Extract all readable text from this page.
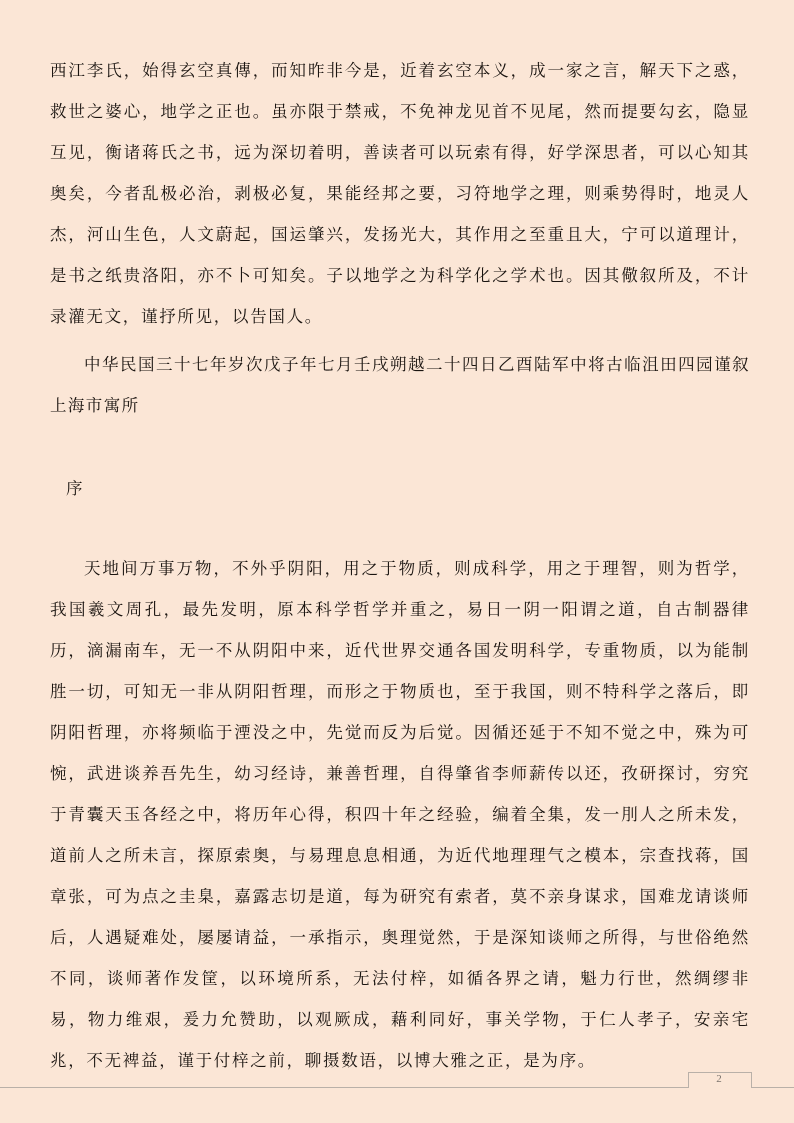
西江李氏，始得玄空真傳，而知昨非今是，近着玄空本义，成一家之言，解天下之惑，救世之婆心，地学之正也。虽亦限于禁戒，不免神龙见首不见尾，然而提要勾玄，隐显互见，衡诸蒋氏之书，远为深切着明，善读者可以玩索有得，好学深思者，可以心知其奥矣，今者乱极必治，剥极必复，果能经邦之要，习符地学之理，则乘势得时，地灵人杰，河山生色，人文蔚起，国运肇兴，发扬光大，其作用之至重且大，宁可以道理计，是书之纸贵洛阳，亦不卜可知矣。子以地学之为科学化之学术也。因其儆叙所及，不计录灌无文，谨抒所见，以告国人。

中华民国三十七年岁次戊子年七月壬戌朔越二十四日乙酉陆军中将古临沮田四园谨叙上海市寓所

序

天地间万事万物，不外乎阴阳，用之于物质，则成科学，用之于理智，则为哲学，我国羲文周孔，最先发明，原本科学哲学并重之，易日一阴一阳谓之道，自古制器律历，滴漏南车，无一不从阴阳中来，近代世界交通各国发明科学，专重物质，以为能制胜一切，可知无一非从阴阳哲理，而形之于物质也，至于我国，则不特科学之落后，即阴阳哲理，亦将频临于湮没之中，先觉而反为后觉。因循还延于不知不觉之中，殊为可惋，武进谈养吾先生，幼习经诗，兼善哲理，自得肇省李师薪传以还，孜研探讨，穷究于青囊天玉各经之中，将历年心得，积四十年之经验，编着全集，发一刖人之所未发，道前人之所未言，探原索奥，与易理息息相通，为近代地理理气之模本，宗查找蒋，国章张，可为点之圭臬，嘉露志切是道，每为研究有索者，莫不亲身谋求，国难龙请谈师后，人遇疑难处，屡屡请益，一承指示，奥理觉然，于是深知谈师之所得，与世俗绝然不同，谈师著作发筐，以环境所系，无法付梓，如循各界之请，魁力行世，然绸缪非易，物力维艰，爰力允赞助，以观厥成，藉利同好，事关学物，于仁人孝子，安亲宅兆，不无裨益，谨于付梓之前，聊摄数语，以博大雅之正，是为序。

2
